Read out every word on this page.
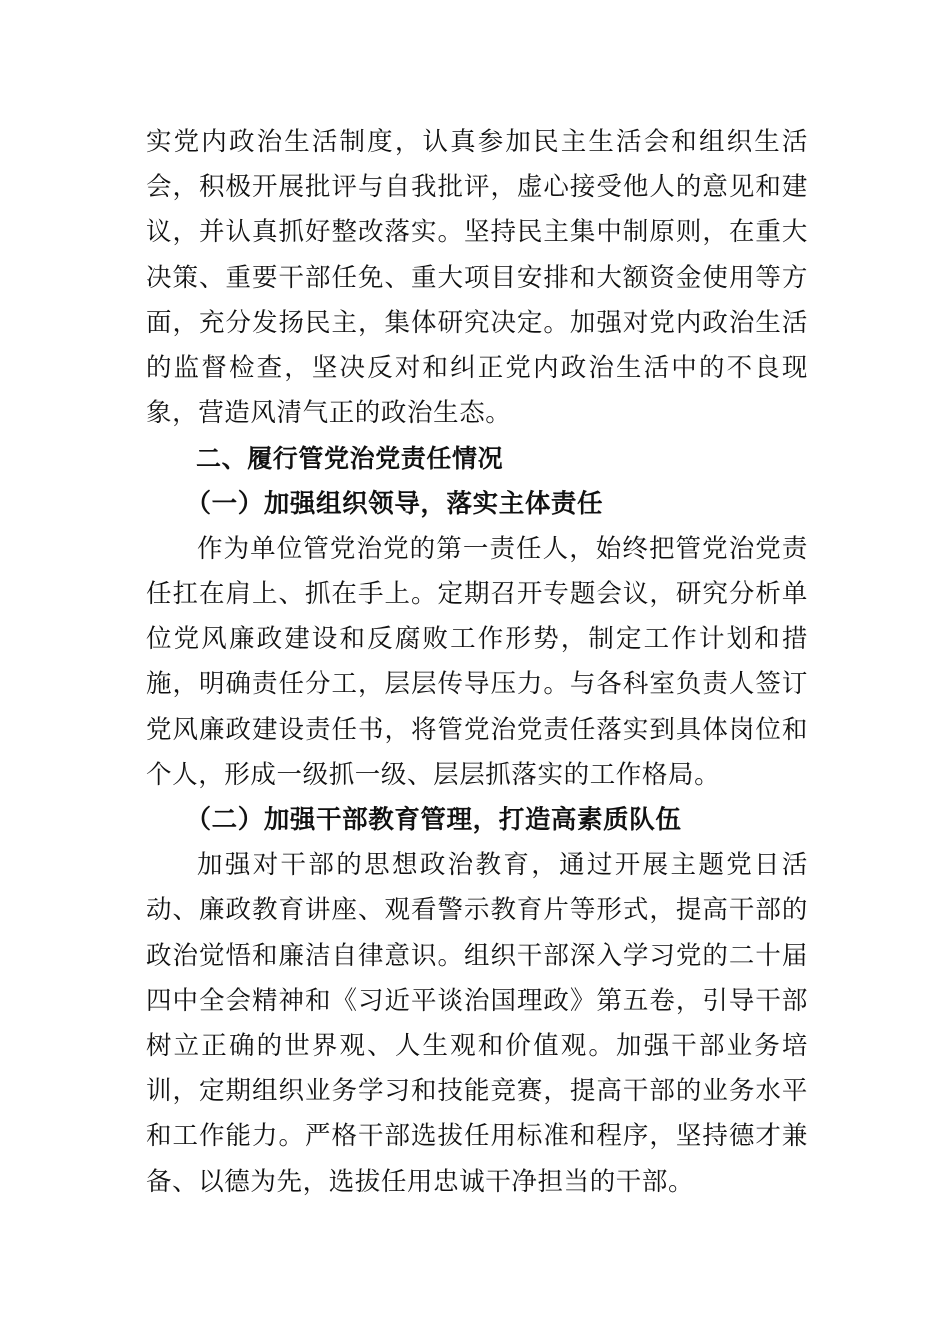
实党内政治生活制度，认真参加民主生活会和组织生活会，积极开展批评与自我批评，虚心接受他人的意见和建议，并认真抓好整改落实。坚持民主集中制原则，在重大决策、重要干部任免、重大项目安排和大额资金使用等方面，充分发扬民主，集体研究决定。加强对党内政治生活的监督检查，坚决反对和纠正党内政治生活中的不良现象，营造风清气正的政治生态。

二、履行管党治党责任情况

（一）加强组织领导，落实主体责任

作为单位管党治党的第一责任人，始终把管党治党责任扛在肩上、抓在手上。定期召开专题会议，研究分析单位党风廉政建设和反腐败工作形势，制定工作计划和措施，明确责任分工，层层传导压力。与各科室负责人签订党风廉政建设责任书，将管党治党责任落实到具体岗位和个人，形成一级抓一级、层层抓落实的工作格局。

（二）加强干部教育管理，打造高素质队伍

加强对干部的思想政治教育，通过开展主题党日活动、廉政教育讲座、观看警示教育片等形式，提高干部的政治觉悟和廉洁自律意识。组织干部深入学习党的二十届四中全会精神和《习近平谈治国理政》第五卷，引导干部树立正确的世界观、人生观和价值观。加强干部业务培训，定期组织业务学习和技能竞赛，提高干部的业务水平和工作能力。严格干部选拔任用标准和程序，坚持德才兼备、以德为先，选拔任用忠诚干净担当的干部。
